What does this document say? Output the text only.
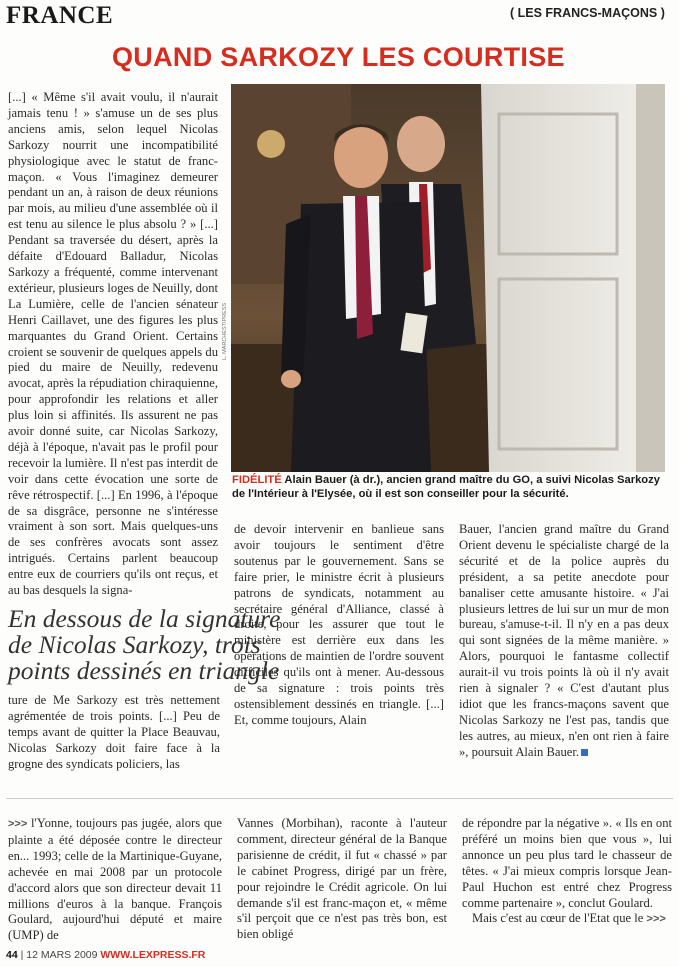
FRANCE	( LES FRANCS-MAÇONS )
QUAND SARKOZY LES COURTISE

[...] « Même s'il avait voulu, il n'aurait jamais tenu ! » s'amuse un de ses plus anciens amis, selon lequel Nicolas Sarkozy nourrit une incompatibilité physiologique avec le statut de franc-maçon. « Vous l'imaginez demeurer pendant un an, à raison de deux réunions par mois, au milieu d'une assemblée où il est tenu au silence le plus absolu ? » [...] Pendant sa traversée du désert, après la défaite d'Edouard Balladur, Nicolas Sarkozy a fréquenté, comme intervenant extérieur, plusieurs loges de Neuilly, dont La Lumière, celle de l'ancien sénateur Henri Caillavet, une des figures les plus marquantes du Grand Orient. Certains croient se souvenir de quelques appels du pied du maire de Neuilly, redevenu avocat, après la répudiation chiraquienne, pour approfondir les relations et aller plus loin si affinités. Ils assurent ne pas avoir donné suite, car Nicolas Sarkozy, déjà à l'époque, n'avait pas le profil pour recevoir la lumière. Il n'est pas interdit de voir dans cette évocation une sorte de rêve rétrospectif. [...] En 1996, à l'époque de sa disgrâce, personne ne s'intéresse vraiment à son sort. Mais quelques-uns de ses confrères avocats sont assez intrigués. Certains parlent beaucoup entre eux de courriers qu'ils ont reçus, et au bas desquels la signa-

L. MARCHESTIPRESS
FIDÉLITÉ Alain Bauer (à dr.), ancien grand maître du GO, a suivi Nicolas Sarkozy de l'Intérieur à l'Elysée, où il est son conseiller pour la sécurité.

de devoir intervenir en banlieue sans avoir toujours le sentiment d'être soutenus par le gouvernement. Sans se faire prier, le ministre écrit à plusieurs patrons de syndicats, notamment au secrétaire général d'Alliance, classé à droite, pour les assurer que tout le ministère est derrière eux dans les opérations de maintien de l'ordre souvent difficiles qu'ils ont à mener. Au-dessous de sa signature : trois points très ostensiblement dessinés en triangle. [...] Et, comme toujours, Alain

Bauer, l'ancien grand maître du Grand Orient devenu le spécialiste chargé de la sécurité et de la police auprès du président, a sa petite anecdote pour banaliser cette amusante histoire. « J'ai plusieurs lettres de lui sur un mur de mon bureau, s'amuse-t-il. Il n'y en a pas deux qui sont signées de la même manière. » Alors, pourquoi le fantasme collectif aurait-il vu trois points là où il n'y avait rien à signaler ? « C'est d'autant plus idiot que les francs-maçons savent que Nicolas Sarkozy ne l'est pas, tandis que les autres, au mieux, n'en ont rien à faire », poursuit Alain Bauer.

En dessous de la signature de Nicolas Sarkozy, trois points dessinés en triangle

ture de Me Sarkozy est très nettement agrémentée de trois points. [...] Peu de temps avant de quitter la Place Beauvau, Nicolas Sarkozy doit faire face à la grogne des syndicats policiers, las

>>> l'Yonne, toujours pas jugée, alors que plainte a été déposée contre le directeur en... 1993; celle de la Martinique-Guyane, achevée en mai 2008 par un protocole d'accord alors que son directeur devait 11 millions d'euros à la banque. François Goulard, aujourd'hui député et maire (UMP) de

Vannes (Morbihan), raconte à l'auteur comment, directeur général de la Banque parisienne de crédit, il fut « chassé » par le cabinet Progress, dirigé par un frère, pour rejoindre le Crédit agricole. On lui demande s'il est franc-maçon et, « même s'il perçoit que ce n'est pas très bon, est bien obligé

de répondre par la négative ». « Ils en ont préféré un moins bien que vous », lui annonce un peu plus tard le chasseur de têtes. « J'ai mieux compris lorsque Jean-Paul Huchon est entré chez Progress comme partenaire », conclut Goulard.

Mais c'est au cœur de l'Etat que le >>>

44 | 12 MARS 2009 WWW.LEXPRESS.FR
